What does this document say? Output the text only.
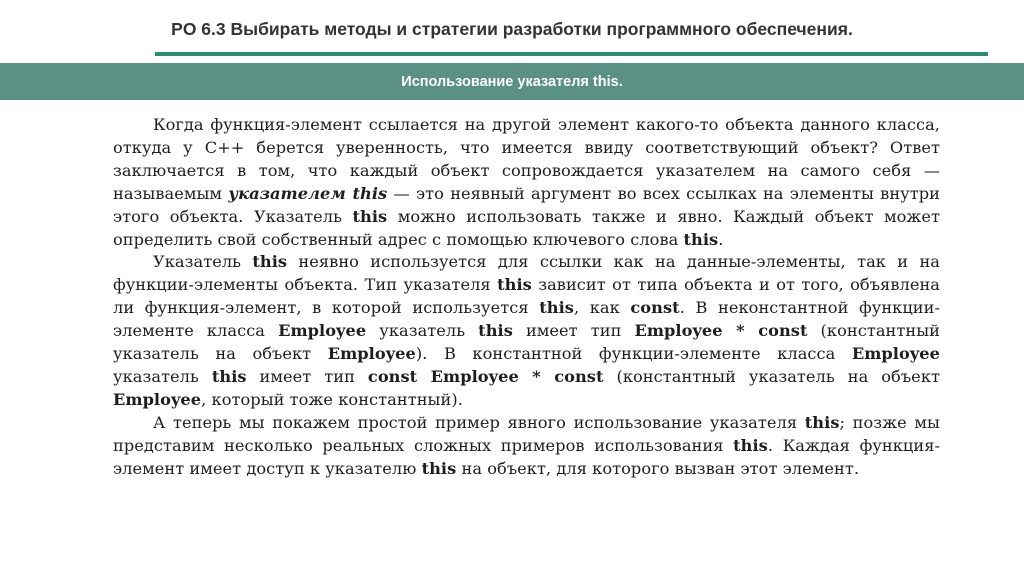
PO 6.3 Выбирать методы и стратегии разработки программного обеспечения.
Использование указателя this.

Когда функция-элемент ссылается на другой элемент какого-то объекта данного класса, откуда у С++ берется уверенность, что имеется ввиду соответствующий объект? Ответ заключается в том, что каждый объект сопровождается указателем на самого себя — называемым указателем this — это неявный аргумент во всех ссылках на элементы внутри этого объекта. Указатель this можно использовать также и явно. Каждый объект может определить свой собственный адрес с помощью ключевого слова this.

Указатель this неявно используется для ссылки как на данные-элементы, так и на функции-элементы объекта. Тип указателя this зависит от типа объекта и от того, объявлена ли функция-элемент, в которой используется this, как const. В неконстантной функции-элементе класса Employee указатель this имеет тип Employee * const (константный указатель на объект Employee). В константной функции-элементе класса Employee указатель this имеет тип const Employee * const (константный указатель на объект Employee, который тоже константный).

А теперь мы покажем простой пример явного использование указателя this; позже мы представим несколько реальных сложных примеров использования this. Каждая функция-элемент имеет доступ к указателю this на объект, для которого вызван этот элемент.
